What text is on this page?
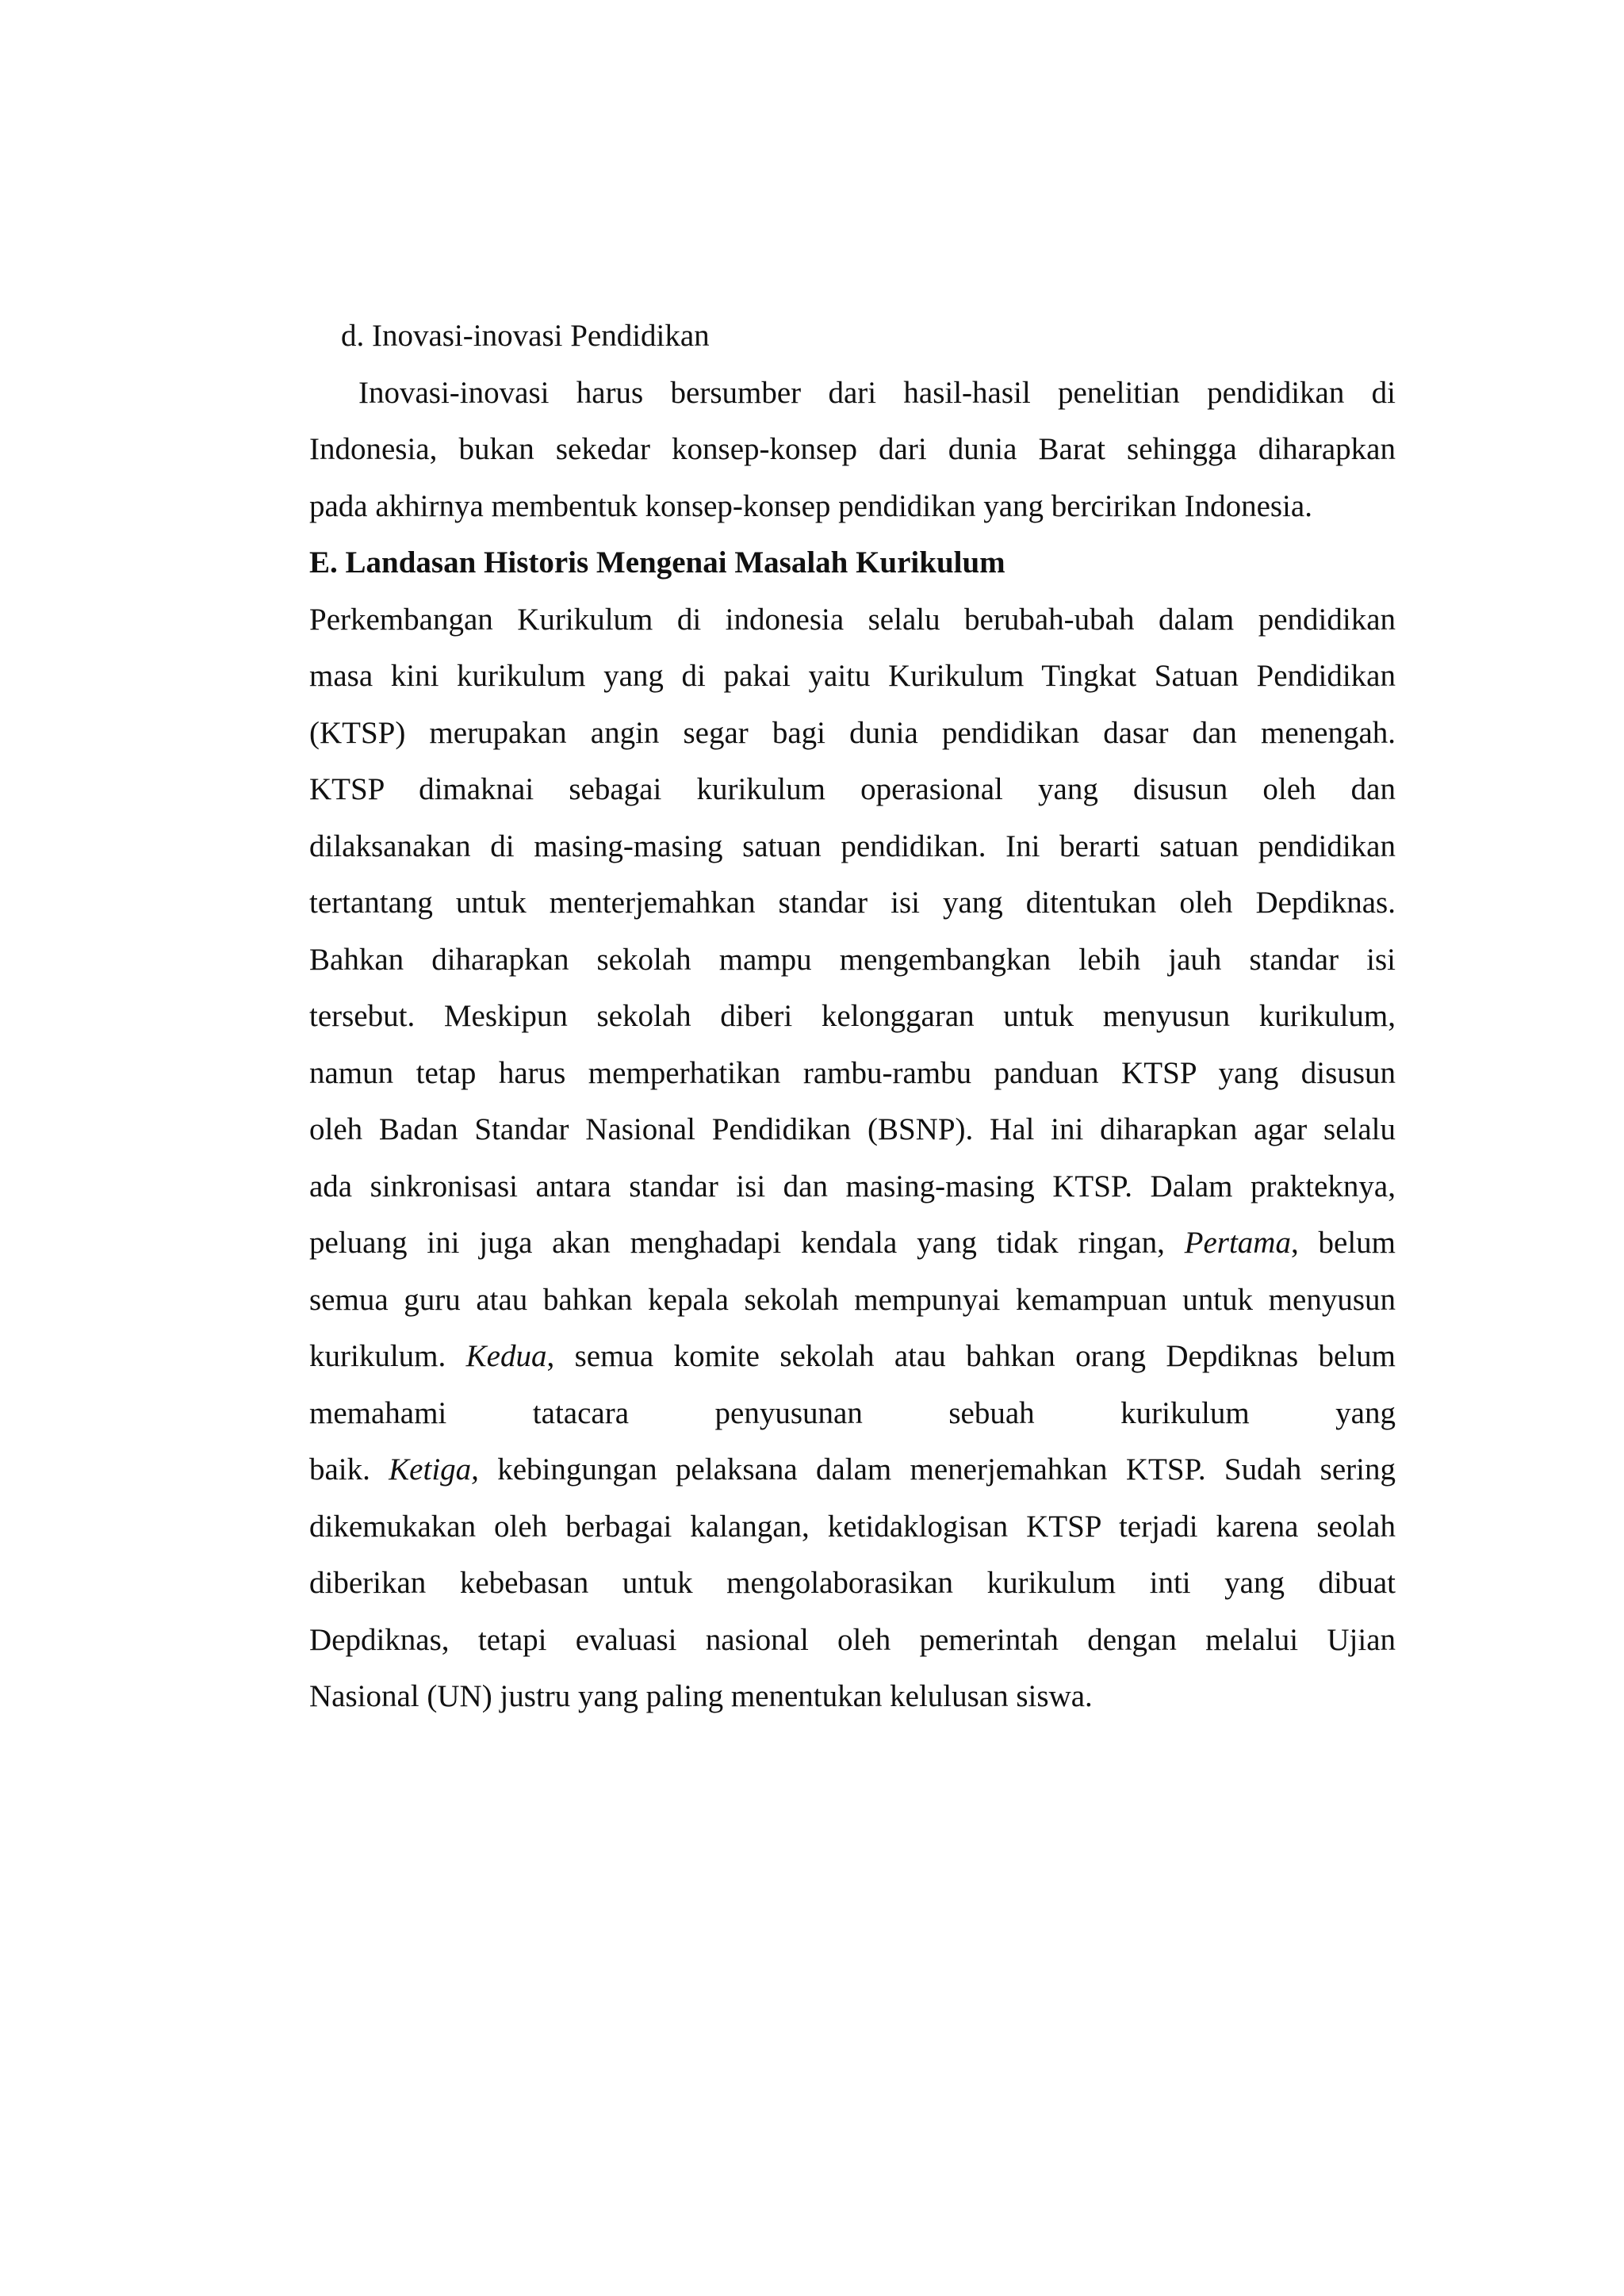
d. Inovasi-inovasi Pendidikan
Inovasi-inovasi harus bersumber dari hasil-hasil penelitian pendidikan di
Indonesia, bukan sekedar konsep-konsep dari dunia Barat sehingga diharapkan
pada akhirnya membentuk konsep-konsep pendidikan yang bercirikan Indonesia.
E. Landasan Historis Mengenai Masalah Kurikulum
Perkembangan Kurikulum di indonesia selalu berubah-ubah dalam pendidikan
masa kini kurikulum yang di pakai yaitu Kurikulum Tingkat Satuan Pendidikan
(KTSP) merupakan angin segar bagi dunia pendidikan dasar dan menengah.
KTSP dimaknai sebagai kurikulum operasional yang disusun oleh dan
dilaksanakan di masing-masing satuan pendidikan. Ini berarti satuan pendidikan
tertantang untuk menterjemahkan standar isi yang ditentukan oleh Depdiknas.
Bahkan diharapkan sekolah mampu mengembangkan lebih jauh standar isi
tersebut. Meskipun sekolah diberi kelonggaran untuk menyusun kurikulum,
namun tetap harus memperhatikan rambu-rambu panduan KTSP yang disusun
oleh Badan Standar Nasional Pendidikan (BSNP). Hal ini diharapkan agar selalu
ada sinkronisasi antara standar isi dan masing-masing KTSP. Dalam prakteknya,
peluang ini juga akan menghadapi kendala yang tidak ringan, Pertama, belum
semua guru atau bahkan kepala sekolah mempunyai kemampuan untuk menyusun
kurikulum. Kedua, semua komite sekolah atau bahkan orang Depdiknas belum
memahami tatacara penyusunan sebuah kurikulum yang
baik. Ketiga, kebingungan pelaksana dalam menerjemahkan KTSP. Sudah sering
dikemukakan oleh berbagai kalangan, ketidaklogisan KTSP terjadi karena seolah
diberikan kebebasan untuk mengolaborasikan kurikulum inti yang dibuat
Depdiknas, tetapi evaluasi nasional oleh pemerintah dengan melalui Ujian
Nasional (UN) justru yang paling menentukan kelulusan siswa.
